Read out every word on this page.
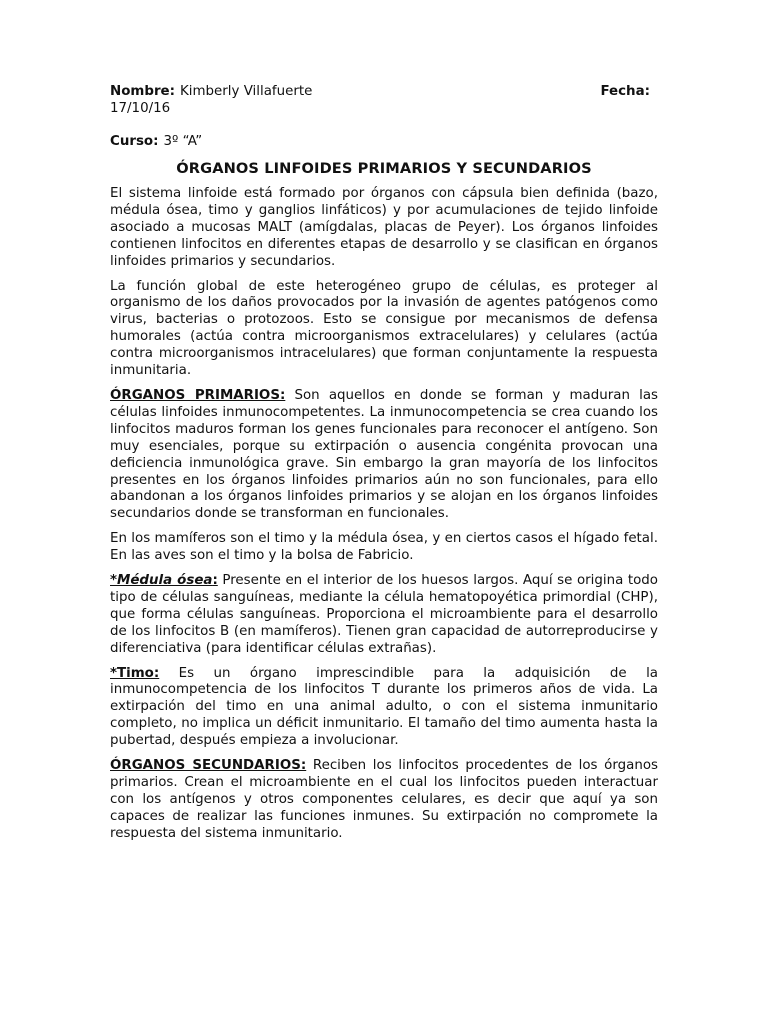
Nombre: Kimberly Villafuerte	Fecha:
17/10/16
Curso: 3º “A”
ÓRGANOS LINFOIDES PRIMARIOS Y SECUNDARIOS

El sistema linfoide está formado por órganos con cápsula bien definida (bazo, médula ósea, timo y ganglios linfáticos) y por acumulaciones de tejido linfoide asociado a mucosas MALT (amígdalas, placas de Peyer). Los órganos linfoides contienen linfocitos en diferentes etapas de desarrollo y se clasifican en órganos linfoides primarios y secundarios.

La función global de este heterogéneo grupo de células, es proteger al organismo de los daños provocados por la invasión de agentes patógenos como virus, bacterias o protozoos. Esto se consigue por mecanismos de defensa humorales (actúa contra microorganismos extracelulares) y celulares (actúa contra microorganismos intracelulares) que forman conjuntamente la respuesta inmunitaria.

ÓRGANOS PRIMARIOS: Son aquellos en donde se forman y maduran las células linfoides inmunocompetentes. La inmunocompetencia se crea cuando los linfocitos maduros forman los genes funcionales para reconocer el antígeno. Son muy esenciales, porque su extirpación o ausencia congénita provocan una deficiencia inmunológica grave. Sin embargo la gran mayoría de los linfocitos presentes en los órganos linfoides primarios aún no son funcionales, para ello abandonan a los órganos linfoides primarios y se alojan en los órganos linfoides secundarios donde se transforman en funcionales.

En los mamíferos son el timo y la médula ósea, y en ciertos casos el hígado fetal. En las aves son el timo y la bolsa de Fabricio.

*Médula ósea: Presente en el interior de los huesos largos. Aquí se origina todo tipo de células sanguíneas, mediante la célula hematopoyética primordial (CHP), que forma células sanguíneas. Proporciona el microambiente para el desarrollo de los linfocitos B (en mamíferos). Tienen gran capacidad de autorreproducirse y diferenciativa (para identificar células extrañas).

*Timo: Es un órgano imprescindible para la adquisición de la inmunocompetencia de los linfocitos T durante los primeros años de vida. La extirpación del timo en una animal adulto, o con el sistema inmunitario completo, no implica un déficit inmunitario. El tamaño del timo aumenta hasta la pubertad, después empieza a involucionar.

ÓRGANOS SECUNDARIOS: Reciben los linfocitos procedentes de los órganos primarios. Crean el microambiente en el cual los linfocitos pueden interactuar con los antígenos y otros componentes celulares, es decir que aquí ya son capaces de realizar las funciones inmunes. Su extirpación no compromete la respuesta del sistema inmunitario.
